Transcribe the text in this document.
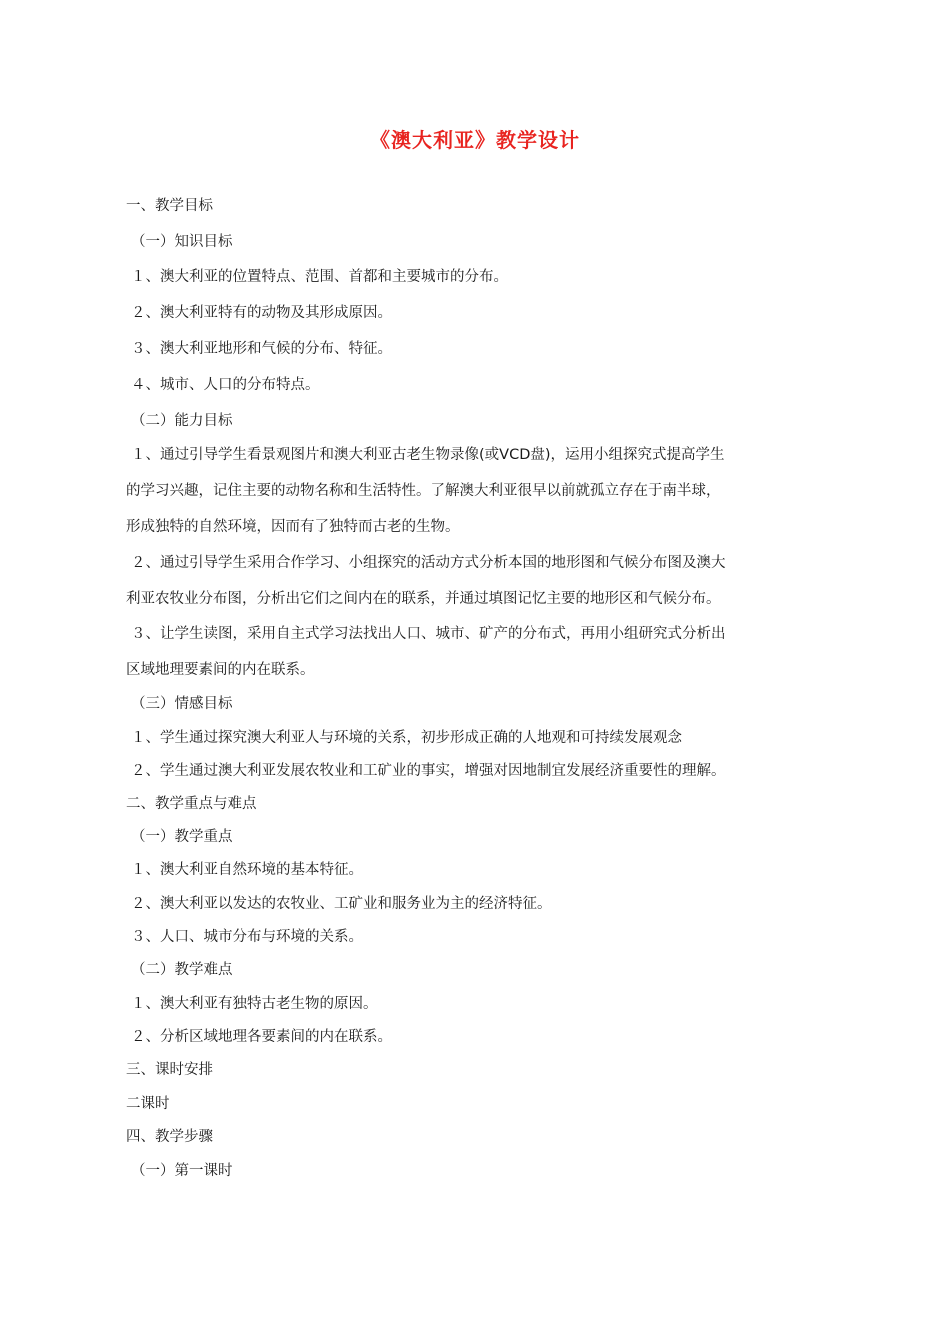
《澳大利亚》教学设计
一、教学目标
（一）知识目标
１、澳大利亚的位置特点、范围、首都和主要城市的分布。
２、澳大利亚特有的动物及其形成原因。
３、澳大利亚地形和气候的分布、特征。
４、城市、人口的分布特点。
（二）能力目标
１、通过引导学生看景观图片和澳大利亚古老生物录像(或VCD盘)，运用小组探究式提高学生
的学习兴趣，记住主要的动物名称和生活特性。了解澳大利亚很早以前就孤立存在于南半球，
形成独特的自然环境，因而有了独特而古老的生物。
２、通过引导学生采用合作学习、小组探究的活动方式分析本国的地形图和气候分布图及澳大
利亚农牧业分布图，分析出它们之间内在的联系，并通过填图记忆主要的地形区和气候分布。
３、让学生读图，采用自主式学习法找出人口、城市、矿产的分布式，再用小组研究式分析出
区域地理要素间的内在联系。
（三）情感目标
１、学生通过探究澳大利亚人与环境的关系，初步形成正确的人地观和可持续发展观念
２、学生通过澳大利亚发展农牧业和工矿业的事实，增强对因地制宜发展经济重要性的理解。
二、教学重点与难点
（一）教学重点
１、澳大利亚自然环境的基本特征。
２、澳大利亚以发达的农牧业、工矿业和服务业为主的经济特征。
３、人口、城市分布与环境的关系。
（二）教学难点
１、澳大利亚有独特古老生物的原因。
２、分析区域地理各要素间的内在联系。
三、课时安排
二课时
四、教学步骤
（一）第一课时
